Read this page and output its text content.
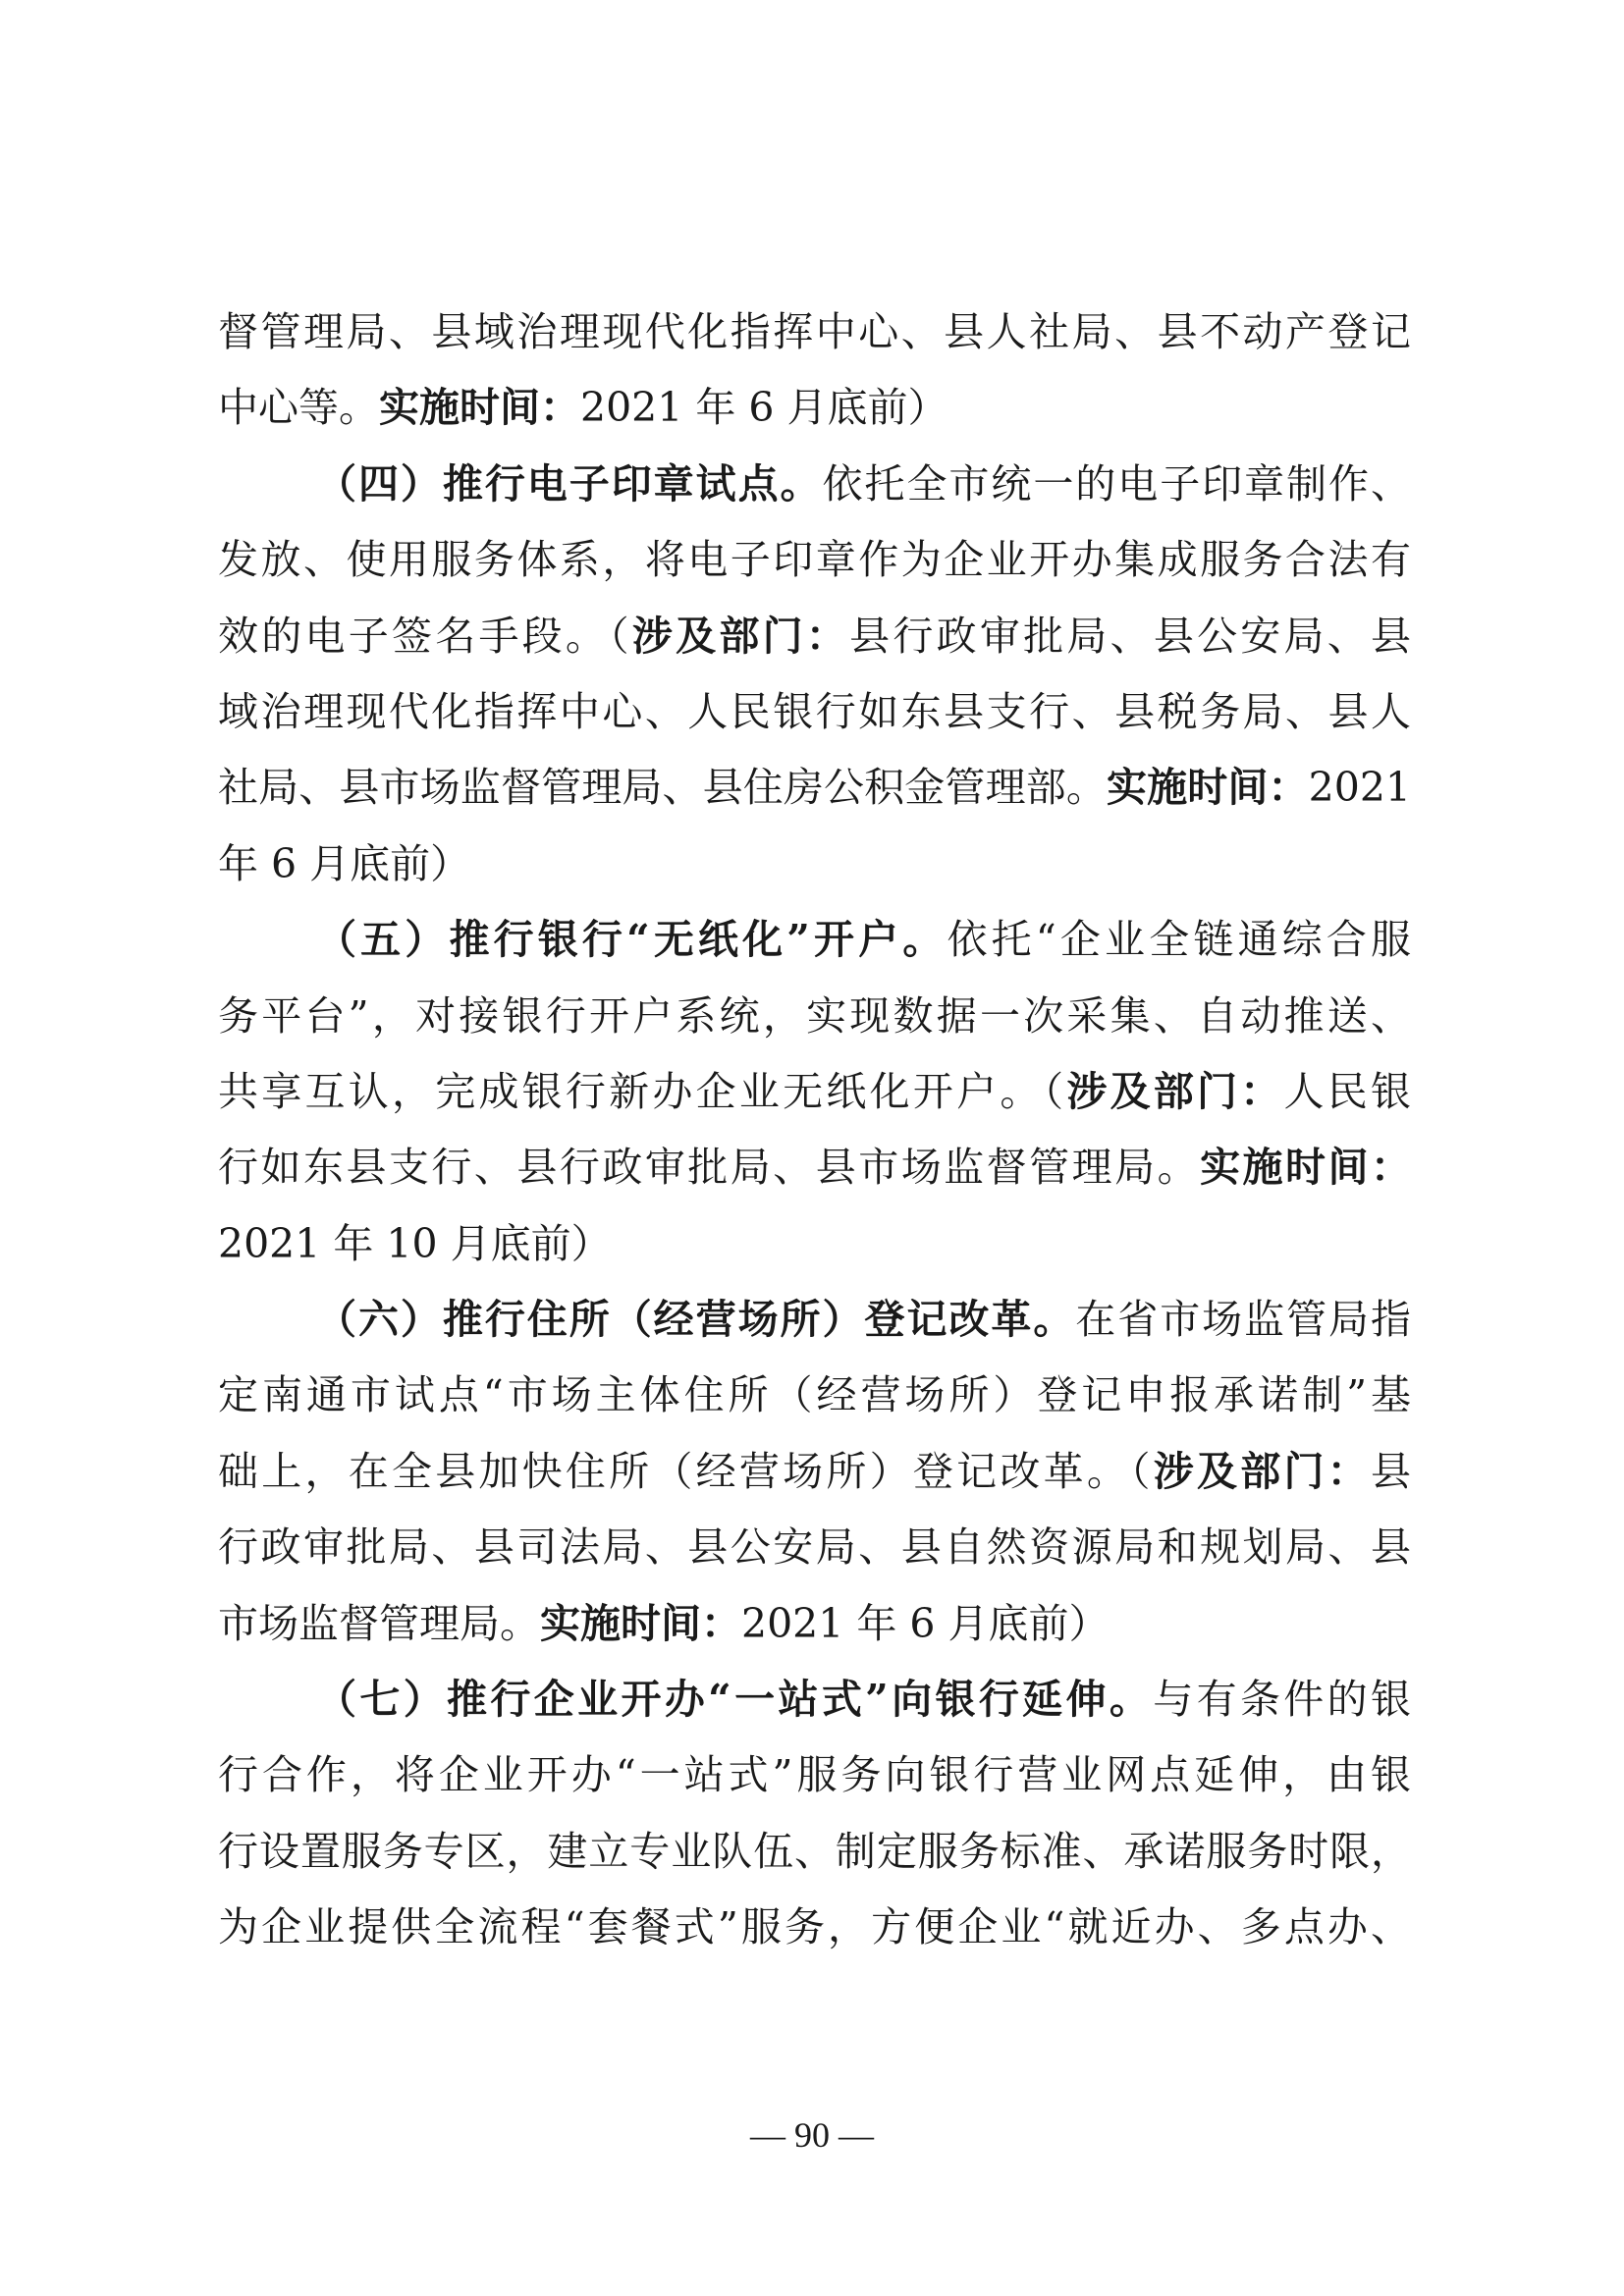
督管理局、县域治理现代化指挥中心、县人社局、县不动产登记
中心等。实施时间：2021 年 6 月底前）
（四）推行电子印章试点。依托全市统一的电子印章制作、
发放、使用服务体系，将电子印章作为企业开办集成服务合法有
效的电子签名手段。（涉及部门：县行政审批局、县公安局、县
域治理现代化指挥中心、人民银行如东县支行、县税务局、县人
社局、县市场监督管理局、县住房公积金管理部。实施时间：2021
年 6 月底前）
（五）推行银行“无纸化”开户。依托“企业全链通综合服
务平台”，对接银行开户系统，实现数据一次采集、自动推送、
共享互认，完成银行新办企业无纸化开户。（涉及部门：人民银
行如东县支行、县行政审批局、县市场监督管理局。实施时间：
2021 年 10 月底前）
（六）推行住所（经营场所）登记改革。在省市场监管局指
定南通市试点“市场主体住所（经营场所）登记申报承诺制”基
础上，在全县加快住所（经营场所）登记改革。（涉及部门：县
行政审批局、县司法局、县公安局、县自然资源局和规划局、县
市场监督管理局。实施时间：2021 年 6 月底前）
（七）推行企业开办“一站式”向银行延伸。与有条件的银
行合作，将企业开办“一站式”服务向银行营业网点延伸，由银
行设置服务专区，建立专业队伍、制定服务标准、承诺服务时限，
为企业提供全流程“套餐式”服务，方便企业“就近办、多点办、
— 90 —
